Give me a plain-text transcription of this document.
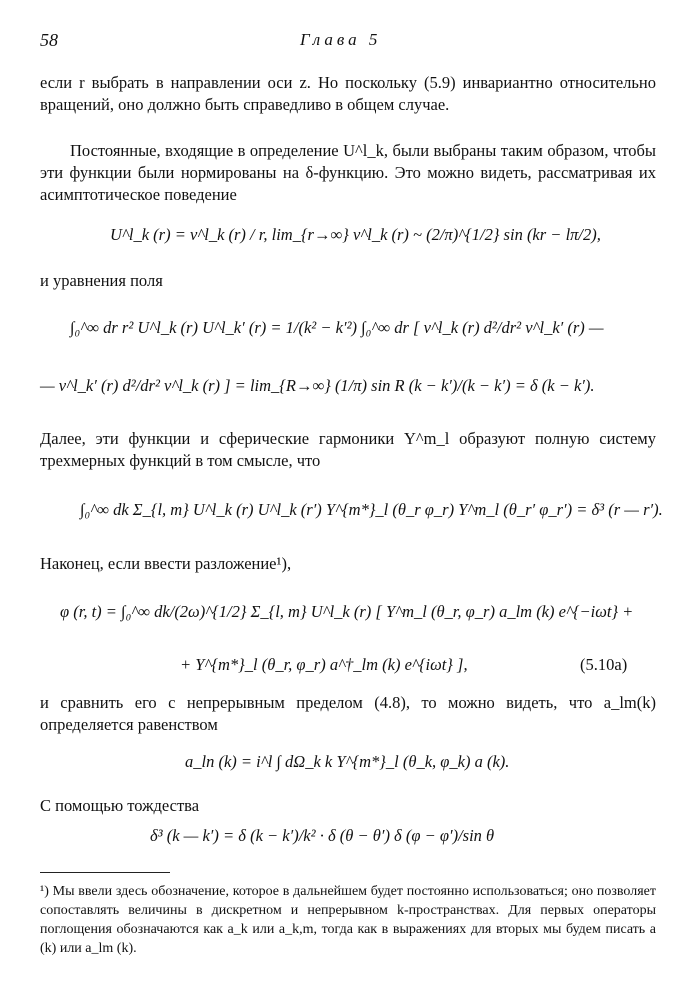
58	Глава 5
если r выбрать в направлении оси z. Но поскольку (5.9) инвариантно относительно вращений, оно должно быть справедливо в общем случае.
Постоянные, входящие в определение U^l_k, были выбраны таким образом, чтобы эти функции были нормированы на δ-функцию. Это можно видеть, рассматривая их асимптотическое поведение
U^l_k (r) = v^l_k (r) / r, lim_{r→∞} v^l_k (r) ~ (2/π)^{1/2} sin (kr − lπ/2),
и уравнения поля
∫₀^∞ dr r² U^l_k (r) U^l_k′ (r) = 1/(k² − k′²) ∫₀^∞ dr [ v^l_k (r) d²/dr² v^l_k′ (r) —
— v^l_k′ (r) d²/dr² v^l_k (r) ] = lim_{R→∞} (1/π) sin R (k − k′)/(k − k′) = δ (k − k′).
Далее, эти функции и сферические гармоники Y^m_l образуют полную систему трехмерных функций в том смысле, что
∫₀^∞ dk Σ_{l, m} U^l_k (r) U^l_k (r′) Y^{m*}_l (θ_r φ_r) Y^m_l (θ_r′ φ_r′) = δ³ (r — r′).
Наконец, если ввести разложение¹),
φ (r, t) = ∫₀^∞ dk/(2ω)^{1/2} Σ_{l, m} U^l_k (r) [ Y^m_l (θ_r, φ_r) a_lm (k) e^{−iωt} +
+ Y^{m*}_l (θ_r, φ_r) a^†_lm (k) e^{iωt} ],	(5.10a)
и сравнить его с непрерывным пределом (4.8), то можно видеть, что a_lm(k) определяется равенством
a_ln (k) = i^l ∫ dΩ_k k Y^{m*}_l (θ_k, φ_k) a (k).
С помощью тождества
δ³ (k — k′) = δ (k − k′)/k² · δ (θ − θ′) δ (φ − φ′)/sin θ
¹) Мы ввели здесь обозначение, которое в дальнейшем будет постоянно использоваться; оно позволяет сопоставлять величины в дискретном и непрерывном k-пространствах. Для первых операторы поглощения обозначаются как a_k или a_k,m, тогда как в выражениях для вторых мы будем писать a (k) или a_lm (k).
